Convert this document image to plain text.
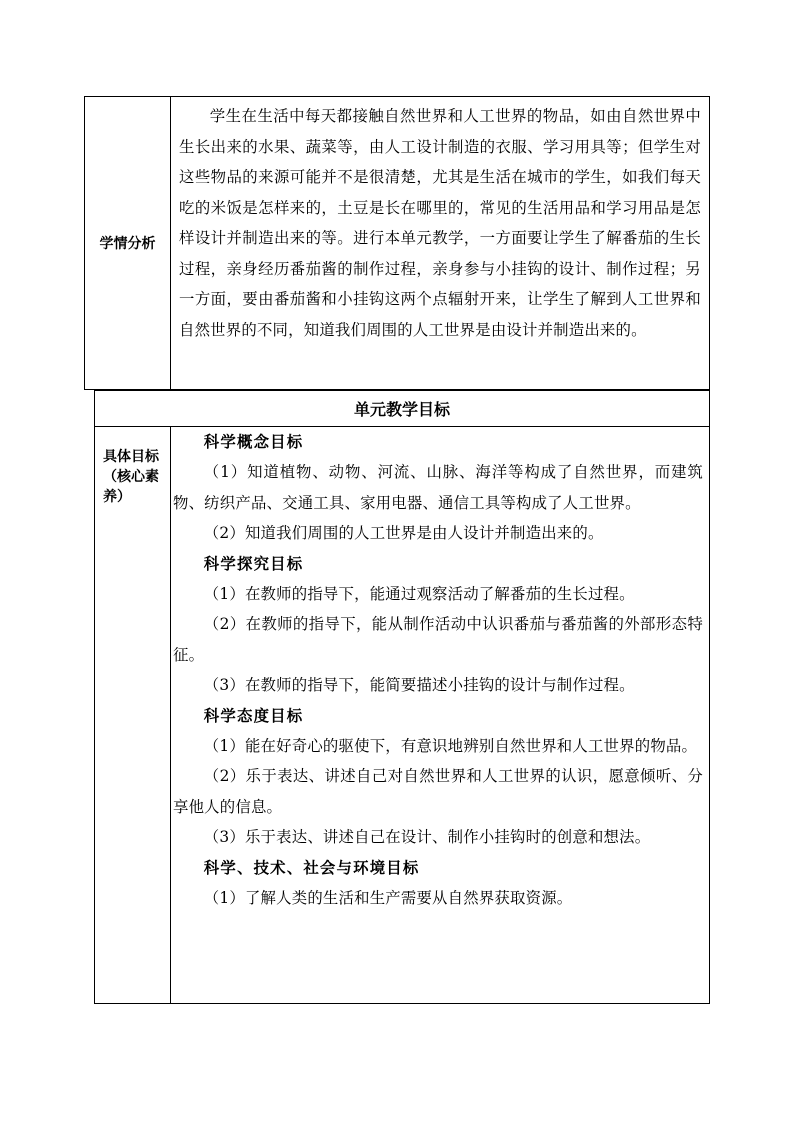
学情分析
学生在生活中每天都接触自然世界和人工世界的物品，如由自然世界中生长出来的水果、蔬菜等，由人工设计制造的衣服、学习用具等；但学生对这些物品的来源可能并不是很清楚，尤其是生活在城市的学生，如我们每天吃的米饭是怎样来的，土豆是长在哪里的，常见的生活用品和学习用品是怎样设计并制造出来的等。进行本单元教学，一方面要让学生了解番茄的生长过程，亲身经历番茄酱的制作过程，亲身参与小挂钩的设计、制作过程；另一方面，要由番茄酱和小挂钩这两个点辐射开来，让学生了解到人工世界和自然世界的不同，知道我们周围的人工世界是由设计并制造出来的。
单元教学目标
具体目标（核心素养）

科学概念目标

（1）知道植物、动物、河流、山脉、海洋等构成了自然世界，而建筑物、纺织产品、交通工具、家用电器、通信工具等构成了人工世界。

（2）知道我们周围的人工世界是由人设计并制造出来的。

科学探究目标

（1）在教师的指导下，能通过观察活动了解番茄的生长过程。

（2）在教师的指导下，能从制作活动中认识番茄与番茄酱的外部形态特征。

（3）在教师的指导下，能简要描述小挂钩的设计与制作过程。

科学态度目标

（1）能在好奇心的驱使下，有意识地辨别自然世界和人工世界的物品。

（2）乐于表达、讲述自己对自然世界和人工世界的认识，愿意倾听、分享他人的信息。

（3）乐于表达、讲述自己在设计、制作小挂钩时的创意和想法。

科学、技术、社会与环境目标

（1）了解人类的生活和生产需要从自然界获取资源。
